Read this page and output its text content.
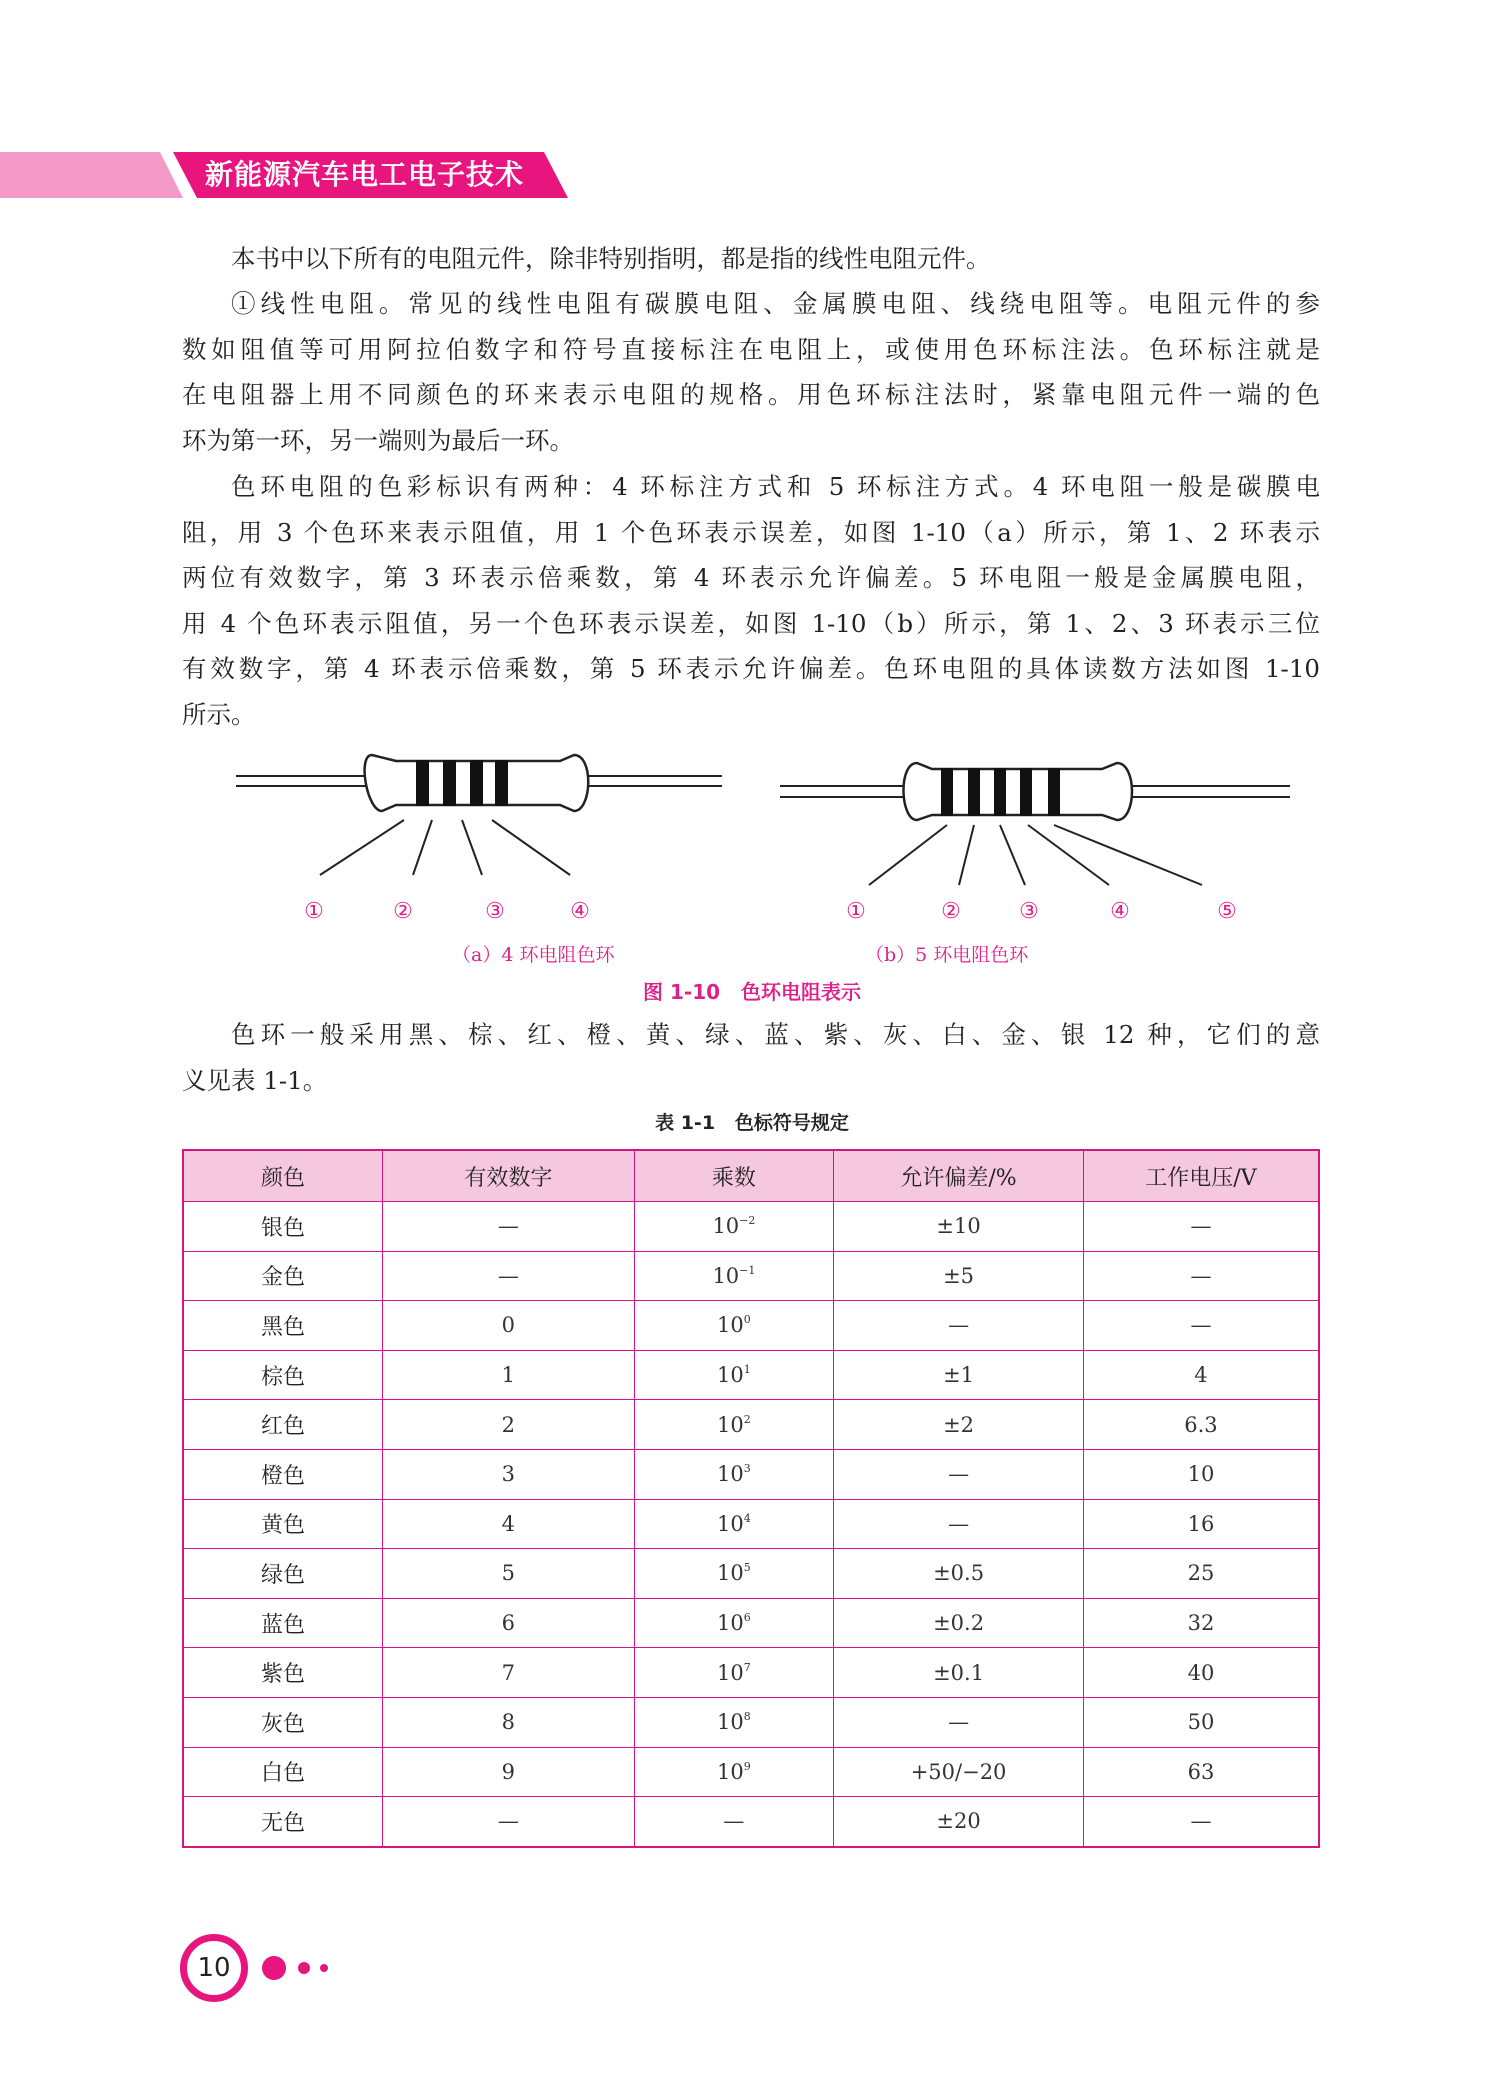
新能源汽车电工电子技术
本书中以下所有的电阻元件，除非特别指明，都是指的线性电阻元件。
①线性电阻。常见的线性电阻有碳膜电阻、金属膜电阻、线绕电阻等。电阻元件的参
数如阻值等可用阿拉伯数字和符号直接标注在电阻上，或使用色环标注法。色环标注就是
在电阻器上用不同颜色的环来表示电阻的规格。用色环标注法时，紧靠电阻元件一端的色
环为第一环，另一端则为最后一环。
色环电阻的色彩标识有两种：4 环标注方式和 5 环标注方式。4 环电阻一般是碳膜电
阻，用 3 个色环来表示阻值，用 1 个色环表示误差，如图 1-10（a）所示，第 1、2 环表示
两位有效数字，第 3 环表示倍乘数，第 4 环表示允许偏差。5 环电阻一般是金属膜电阻，
用 4 个色环表示阻值，另一个色环表示误差，如图 1-10（b）所示，第 1、2、3 环表示三位
有效数字，第 4 环表示倍乘数，第 5 环表示允许偏差。色环电阻的具体读数方法如图 1-10
所示。
①	②	③	④	①	②	③	④	⑤
（a）4 环电阻色环	（b）5 环电阻色环
图 1-10   色环电阻表示
色环一般采用黑、棕、红、橙、黄、绿、蓝、紫、灰、白、金、银 12 种，它们的意
义见表 1-1。
表 1-1   色标符号规定
颜色	有效数字	乘数	允许偏差/%	工作电压/V
银色	—	$10^{-2}$	±10	—
金色	—	$10^{-1}$	±5	—
黑色	0	$10^0$	—	—
棕色	1	$10^1$	±1	4
红色	2	$10^2$	±2	6.3
橙色	3	$10^3$	—	10
黄色	4	$10^4$	—	16
绿色	5	$10^5$	±0.5	25
蓝色	6	$10^6$	±0.2	32
紫色	7	$10^7$	±0.1	40
灰色	8	$10^8$	—	50
白色	9	$10^9$	+50/−20	63
无色	—	—	±20	—
10
